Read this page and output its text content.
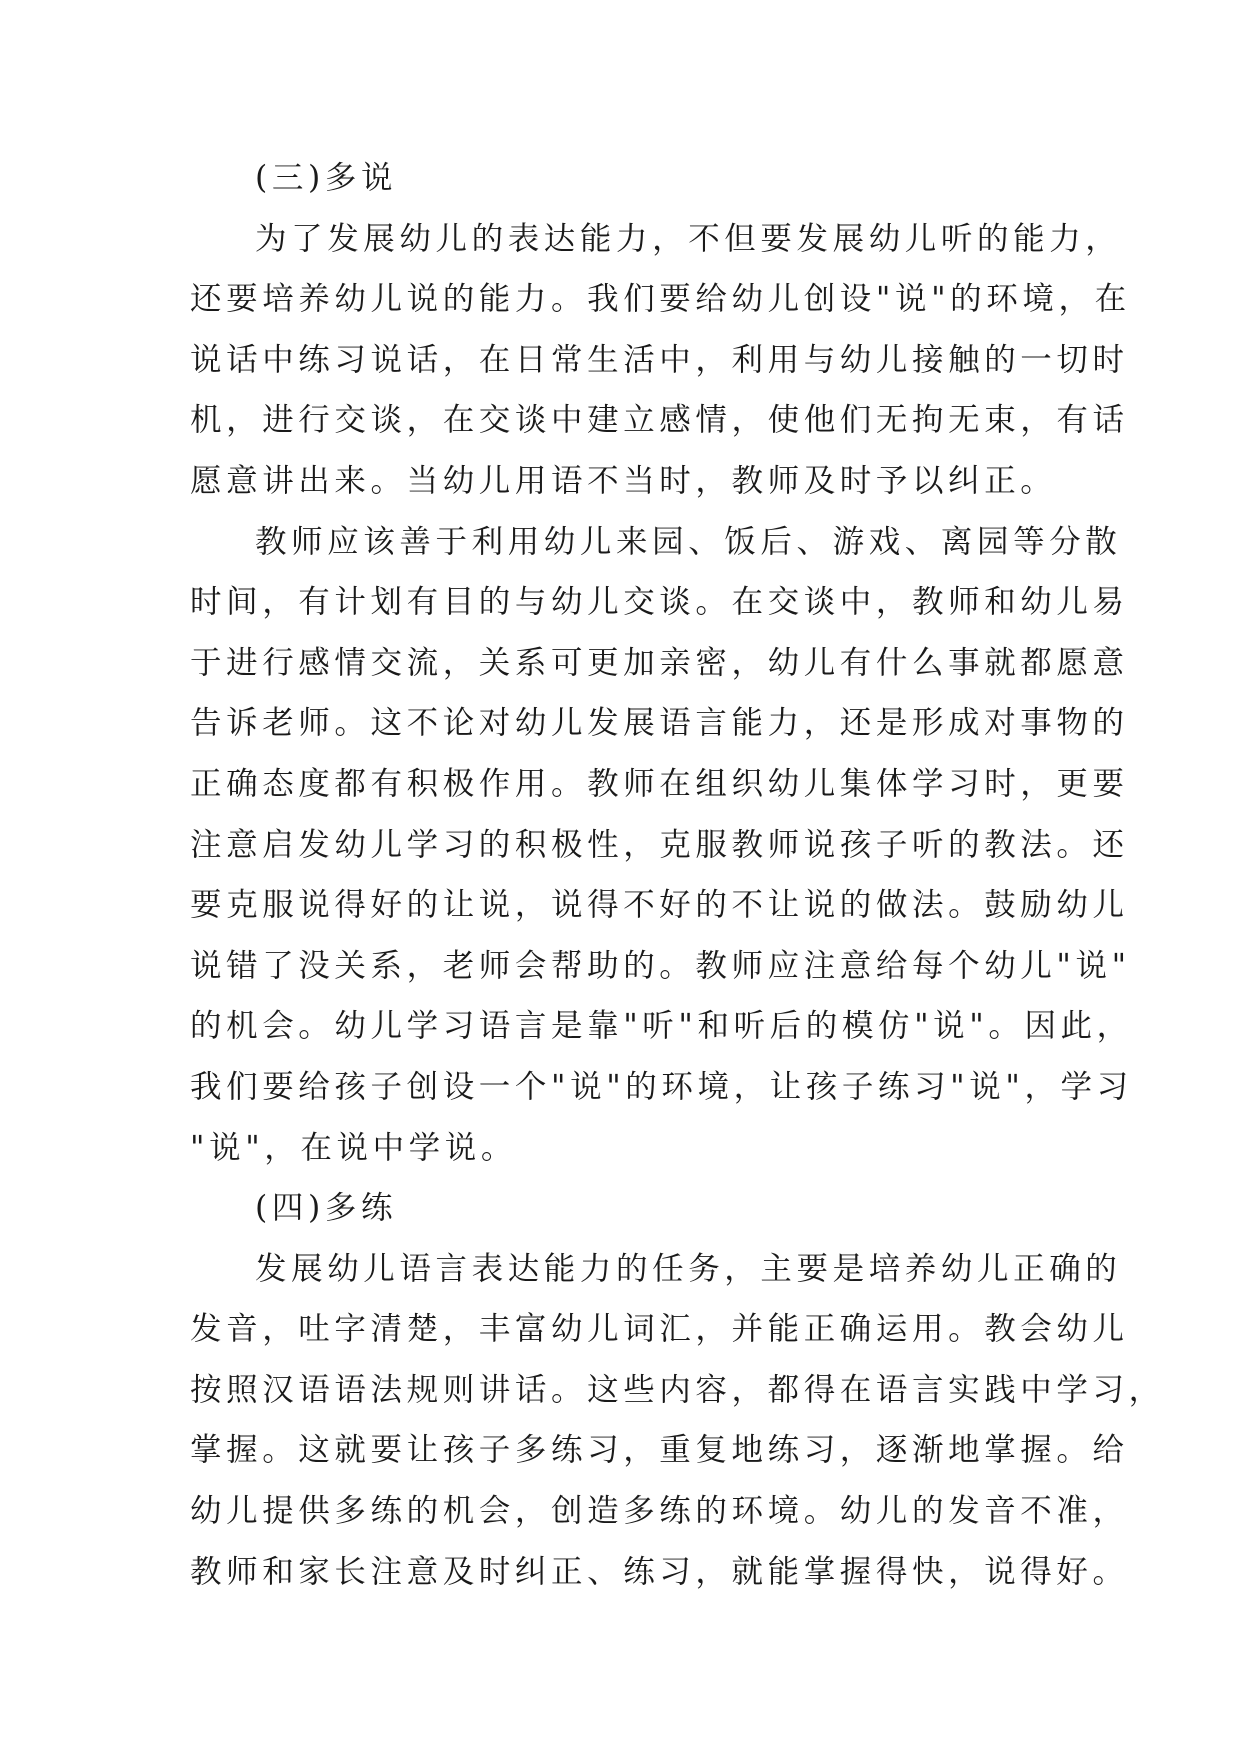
(三)多说
为了发展幼儿的表达能力，不但要发展幼儿听的能力，
还要培养幼儿说的能力。我们要给幼儿创设"说"的环境，在
说话中练习说话，在日常生活中，利用与幼儿接触的一切时
机，进行交谈，在交谈中建立感情，使他们无拘无束，有话
愿意讲出来。当幼儿用语不当时，教师及时予以纠正。
教师应该善于利用幼儿来园、饭后、游戏、离园等分散
时间，有计划有目的与幼儿交谈。在交谈中，教师和幼儿易
于进行感情交流，关系可更加亲密，幼儿有什么事就都愿意
告诉老师。这不论对幼儿发展语言能力，还是形成对事物的
正确态度都有积极作用。教师在组织幼儿集体学习时，更要
注意启发幼儿学习的积极性，克服教师说孩子听的教法。还
要克服说得好的让说，说得不好的不让说的做法。鼓励幼儿
说错了没关系，老师会帮助的。教师应注意给每个幼儿"说"
的机会。幼儿学习语言是靠"听"和听后的模仿"说"。因此，
我们要给孩子创设一个"说"的环境，让孩子练习"说"，学习
"说"，在说中学说。
(四)多练
发展幼儿语言表达能力的任务，主要是培养幼儿正确的
发音，吐字清楚，丰富幼儿词汇，并能正确运用。教会幼儿
按照汉语语法规则讲话。这些内容，都得在语言实践中学习，
掌握。这就要让孩子多练习，重复地练习，逐渐地掌握。给
幼儿提供多练的机会，创造多练的环境。幼儿的发音不准，
教师和家长注意及时纠正、练习，就能掌握得快，说得好。
